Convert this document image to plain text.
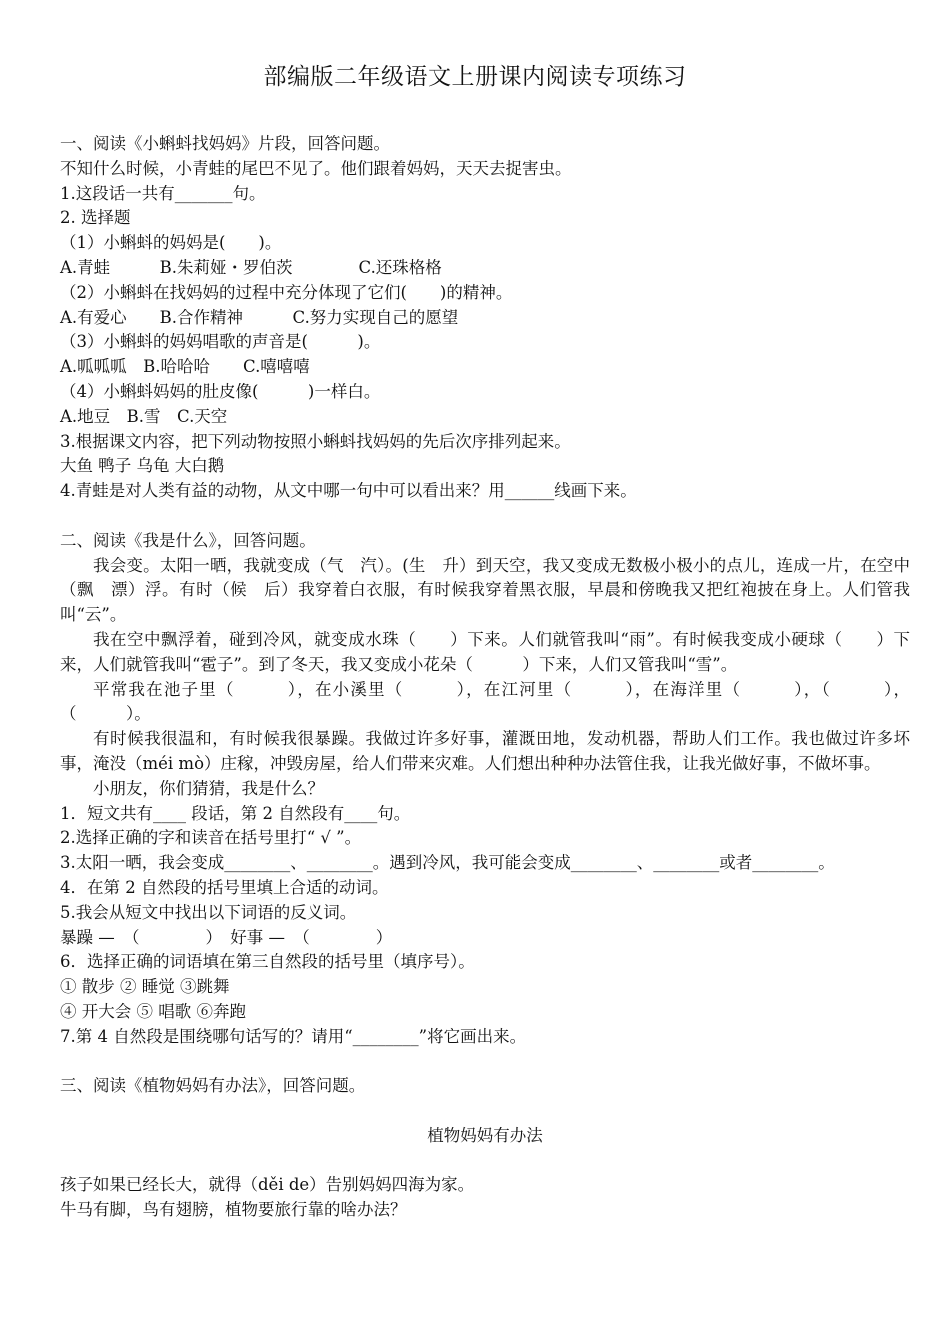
部编版二年级语文上册课内阅读专项练习
一、阅读《小蝌蚪找妈妈》片段，回答问题。
不知什么时候，小青蛙的尾巴不见了。他们跟着妈妈，天天去捉害虫。
1.这段话一共有_______句。
2. 选择题
（1）小蝌蚪的妈妈是(　　)。
A.青蛙　　　B.朱莉娅・罗伯茨　　　　C.还珠格格
（2）小蝌蚪在找妈妈的过程中充分体现了它们(　　)的精神。
A.有爱心　　B.合作精神　　　C.努力实现自己的愿望
（3）小蝌蚪的妈妈唱歌的声音是(　　　)。
A.呱呱呱　B.哈哈哈　　C.嘻嘻嘻
（4）小蝌蚪妈妈的肚皮像(　　　)一样白。
A.地豆　B.雪　C.天空
3.根据课文内容，把下列动物按照小蝌蚪找妈妈的先后次序排列起来。
大鱼 鸭子 乌龟 大白鹅
4.青蛙是对人类有益的动物，从文中哪一句中可以看出来？用______线画下来。
二、阅读《我是什么》，回答问题。
我会变。太阳一晒，我就变成（气　汽）。(生　升）到天空，我又变成无数极小极小的点儿，连成一片，在空中（飘　漂）浮。有时（候　后）我穿着白衣服，有时候我穿着黑衣服，早晨和傍晚我又把红袍披在身上。人们管我叫“云”。
我在空中飘浮着，碰到冷风，就变成水珠（　　）下来。人们就管我叫“雨”。有时候我变成小硬球（　　）下来，人们就管我叫“雹子”。到了冬天，我又变成小花朵（　　　）下来，人们又管我叫“雪”。
平常我在池子里（　　　），在小溪里（　　　），在江河里（　　　），在海洋里（　　　），（　　　），（　　　）。
有时候我很温和，有时候我很暴躁。我做过许多好事，灌溉田地，发动机器，帮助人们工作。我也做过许多坏事，淹没（méi mò）庄稼，冲毁房屋，给人们带来灾难。人们想出种种办法管住我，让我光做好事，不做坏事。
小朋友，你们猜猜，我是什么？
1．短文共有____ 段话，第 2 自然段有____句。
2.选择正确的字和读音在括号里打“ √ ”。
3.太阳一晒，我会变成________、________。遇到冷风，我可能会变成________、________或者________。
4．在第 2 自然段的括号里填上合适的动词。
5.我会从短文中找出以下词语的反义词。
暴躁 —　（　　　　）　好事 —　（　　　　）
6．选择正确的词语填在第三自然段的括号里（填序号）。
① 散步 ② 睡觉 ③跳舞
④ 开大会 ⑤ 唱歌 ⑥奔跑
7.第 4 自然段是围绕哪句话写的？请用“________”将它画出来。
三、阅读《植物妈妈有办法》，回答问题。
植物妈妈有办法
孩子如果已经长大，就得（děi de）告别妈妈四海为家。
牛马有脚，鸟有翅膀，植物要旅行靠的啥办法？
